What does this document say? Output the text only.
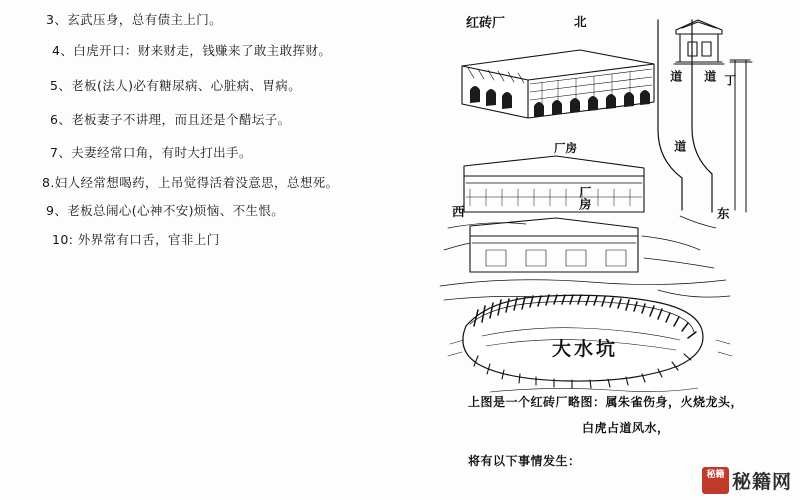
3、玄武压身，总有债主上门。
4、白虎开口：财来财走，钱赚来了敢主敢挥财。
5、老板(法人)必有糖尿病、心脏病、胃病。
6、老板妻子不讲理，而且还是个醋坛子。
7、夫妻经常口角，有时大打出手。
8.妇人经常想喝药，上吊觉得活着没意思，总想死。
9、老板总闹心(心神不安)烦恼、不生恨。
10: 外界常有口舌，官非上门
红砖厂	北
西	东
道 道 丁
道
厂房
厂房
大水坑
上图是一个红砖厂略图：属朱雀伤身，火烧龙头，
白虎占道风水，
将有以下事情发生：
秘籍 秘籍网
